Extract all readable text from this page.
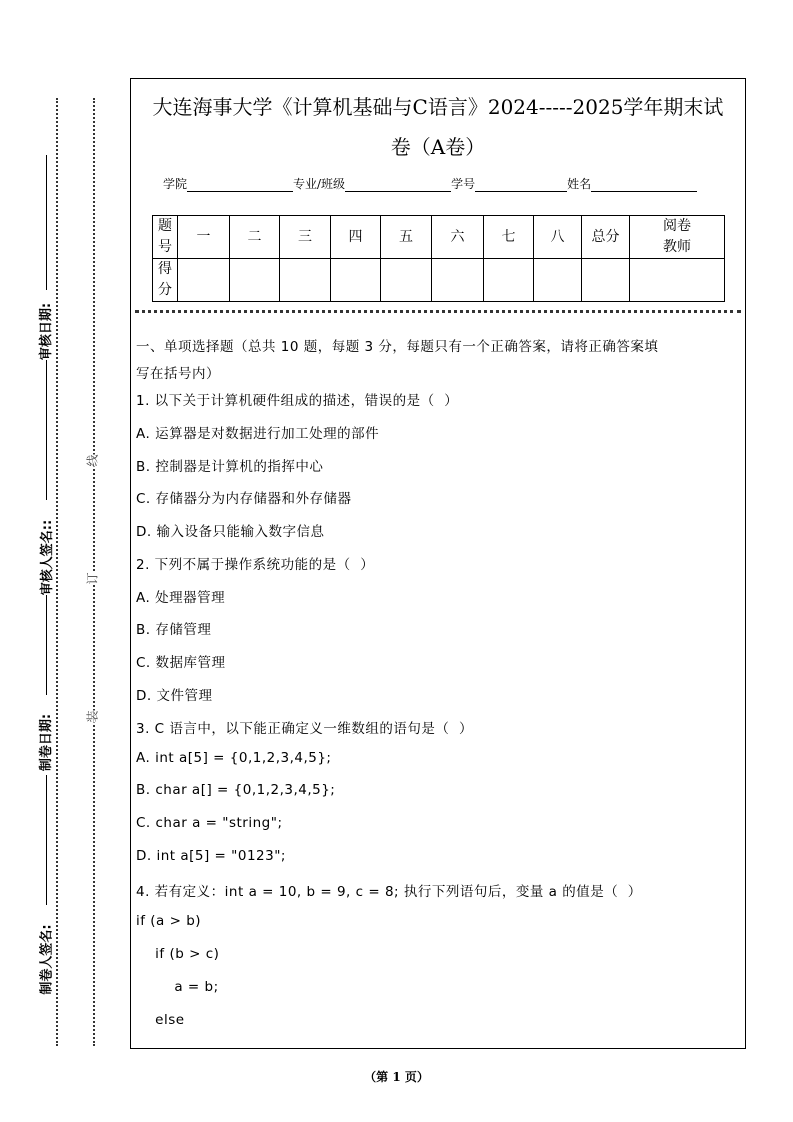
审核日期:
审核人签名::
制卷日期:
制卷人签名:
线
订
装
大连海事大学《计算机基础与C语言》2024-----2025学年期末试
卷（A卷）
学院	专业/班级	学号	姓名
题
号	一	二	三	四	五	六	七	八	总分	阅卷
教师
得
分										
一、单项选择题（总共 10 题，每题 3 分，每题只有一个正确答案，请将正确答案填
写在括号内）
1. 以下关于计算机硬件组成的描述，错误的是（  ）
A. 运算器是对数据进行加工处理的部件
B. 控制器是计算机的指挥中心
C. 存储器分为内存储器和外存储器
D. 输入设备只能输入数字信息
2. 下列不属于操作系统功能的是（  ）
A. 处理器管理
B. 存储管理
C. 数据库管理
D. 文件管理
3. C 语言中，以下能正确定义一维数组的语句是（  ）
A. int a[5] = {0,1,2,3,4,5};
B. char a[] = {0,1,2,3,4,5};
C. char a = "string";
D. int a[5] = "0123";
4. 若有定义：int a = 10, b = 9, c = 8; 执行下列语句后，变量 a 的值是（  ）
if (a > b)
if (b > c)
a = b;
else
（第 1 页）
